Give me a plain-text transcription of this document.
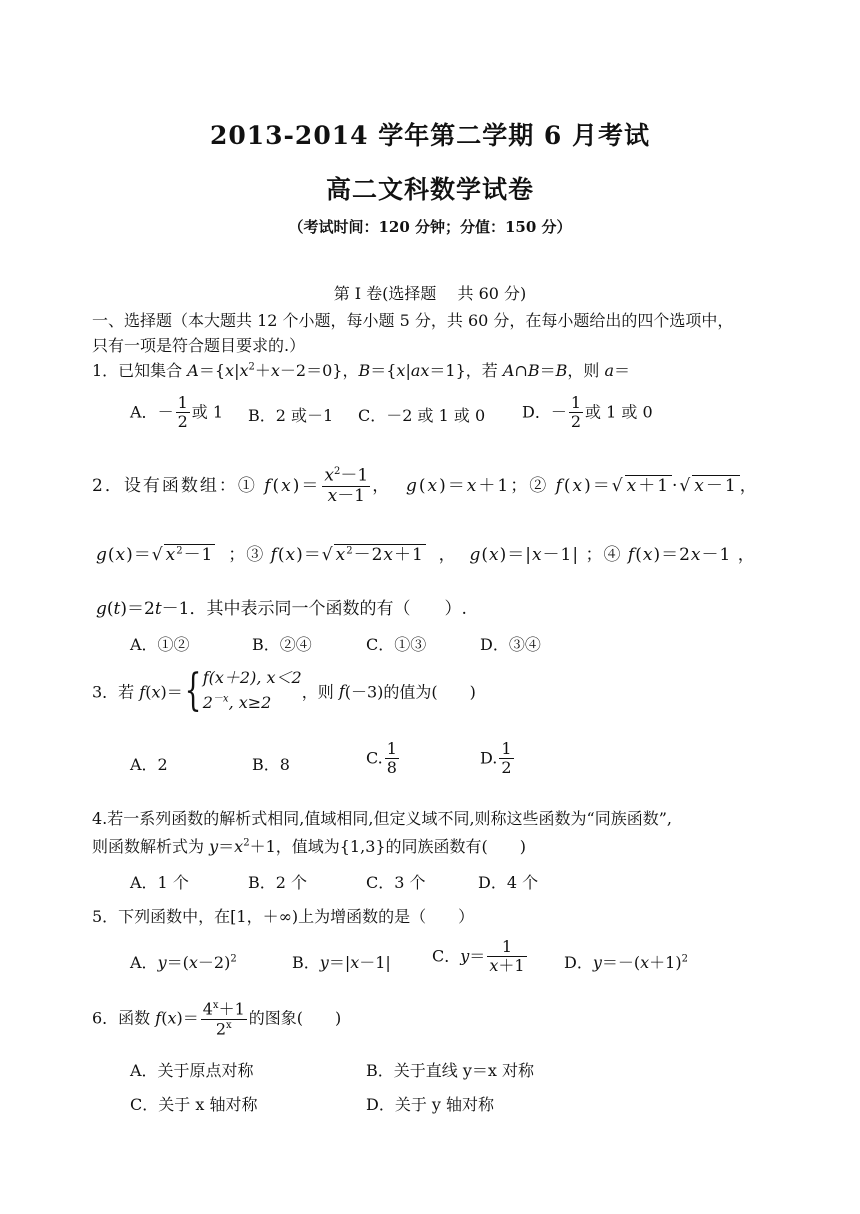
2013-2014 学年第二学期 6 月考试
高二文科数学试卷
（考试时间：120 分钟；分值：150 分）
第 I 卷(选择题　 共 60 分)
一、选择题（本大题共 12 个小题，每小题 5 分，共 60 分，在每小题给出的四个选项中，
只有一项是符合题目要求的.）
1．已知集合 $A=\{x|x^2+x-2=0\}$，B＝{x|ax＝1}，若 A∩B＝B，则 a＝
A．－ $\frac{1}{2}$ 或 1 B．2 或－1 C．－2 或 1 或 0 D．－ $\frac{1}{2}$ 或 1 或 0
2．设有函数组：① $f(x)= \frac{x^2-1}{x-1}$ ，  g(x)＝x＋1；② f(x)＝√ x＋1 ·√ x－1 ，
g(x)＝√ $x^2-1$  ；③ f(x)＝√ $x^2-2x+1$  ，  g(x)＝|x－1| ；④ f(x)＝2x－1 ，
g(t)＝2t－1．其中表示同一个函数的有（　　）.
A．①②	B．②④	C．①③	D．③④
3．若 f(x)＝{ f(x＋2), x＜2
$2^{-x}$, x≥2
，则 f(－3)的值为(　　)
A．2	B．8	C. $\frac{1}{8}$	D. $\frac{1}{2}$
4.若一系列函数的解析式相同,值域相同,但定义域不同,则称这些函数为“同族函数”,
则函数解析式为 $y=x^2+1$，值域为{1,3}的同族函数有(　　)
A．1 个	B．2 个	C．3 个	D．4 个
5．下列函数中，在[1，＋∞)上为增函数的是（　　）
A．$y=(x-2)^2$	B．y＝|x－1|	C．$y= \frac{1}{x+1}$ D．$y=-(x+1)^2$
6．函数 $f(x)= \frac{4^x+1}{2^x}$ 的图象(　　)
A．关于原点对称	B．关于直线 y＝x 对称
C．关于 x 轴对称	D．关于 y 轴对称
